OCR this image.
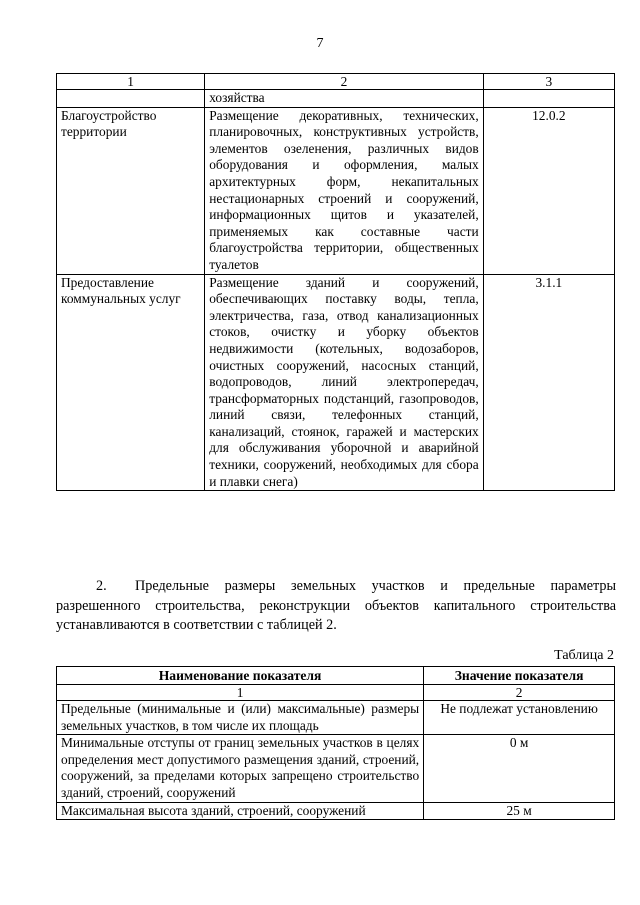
7
1	2	3
	хозяйства	
Благоустройство территории	Размещение декоративных, технических, планировочных, конструктивных устройств, элементов озеленения, различных видов оборудования и оформления, малых архитектурных форм, некапитальных нестационарных строений и сооружений, информационных щитов и указателей, применяемых как составные части благоустройства территории, общественных туалетов	12.0.2
Предоставление коммунальных услуг	Размещение зданий и сооружений, обеспечивающих поставку воды, тепла, электричества, газа, отвод канализационных стоков, очистку и уборку объектов недвижимости (котельных, водозаборов, очистных сооружений, насосных станций, водопроводов, линий электропередач, трансформаторных подстанций, газопроводов, линий связи, телефонных станций, канализаций, стоянок, гаражей и мастерских для обслуживания уборочной и аварийной техники, сооружений, необходимых для сбора и плавки снега)	3.1.1
2.  Предельные размеры земельных участков и предельные параметры разрешенного строительства, реконструкции объектов капитального строительства устанавливаются в соответствии с таблицей 2.
Таблица 2
Наименование показателя	Значение показателя
1	2
Предельные (минимальные и (или) максимальные) размеры земельных участков, в том числе их площадь	Не подлежат установлению
Минимальные отступы от границ земельных участков в целях определения мест допустимого размещения зданий, строений, сооружений, за пределами которых запрещено строительство зданий, строений, сооружений	0 м
Максимальная высота зданий, строений, сооружений	25 м
